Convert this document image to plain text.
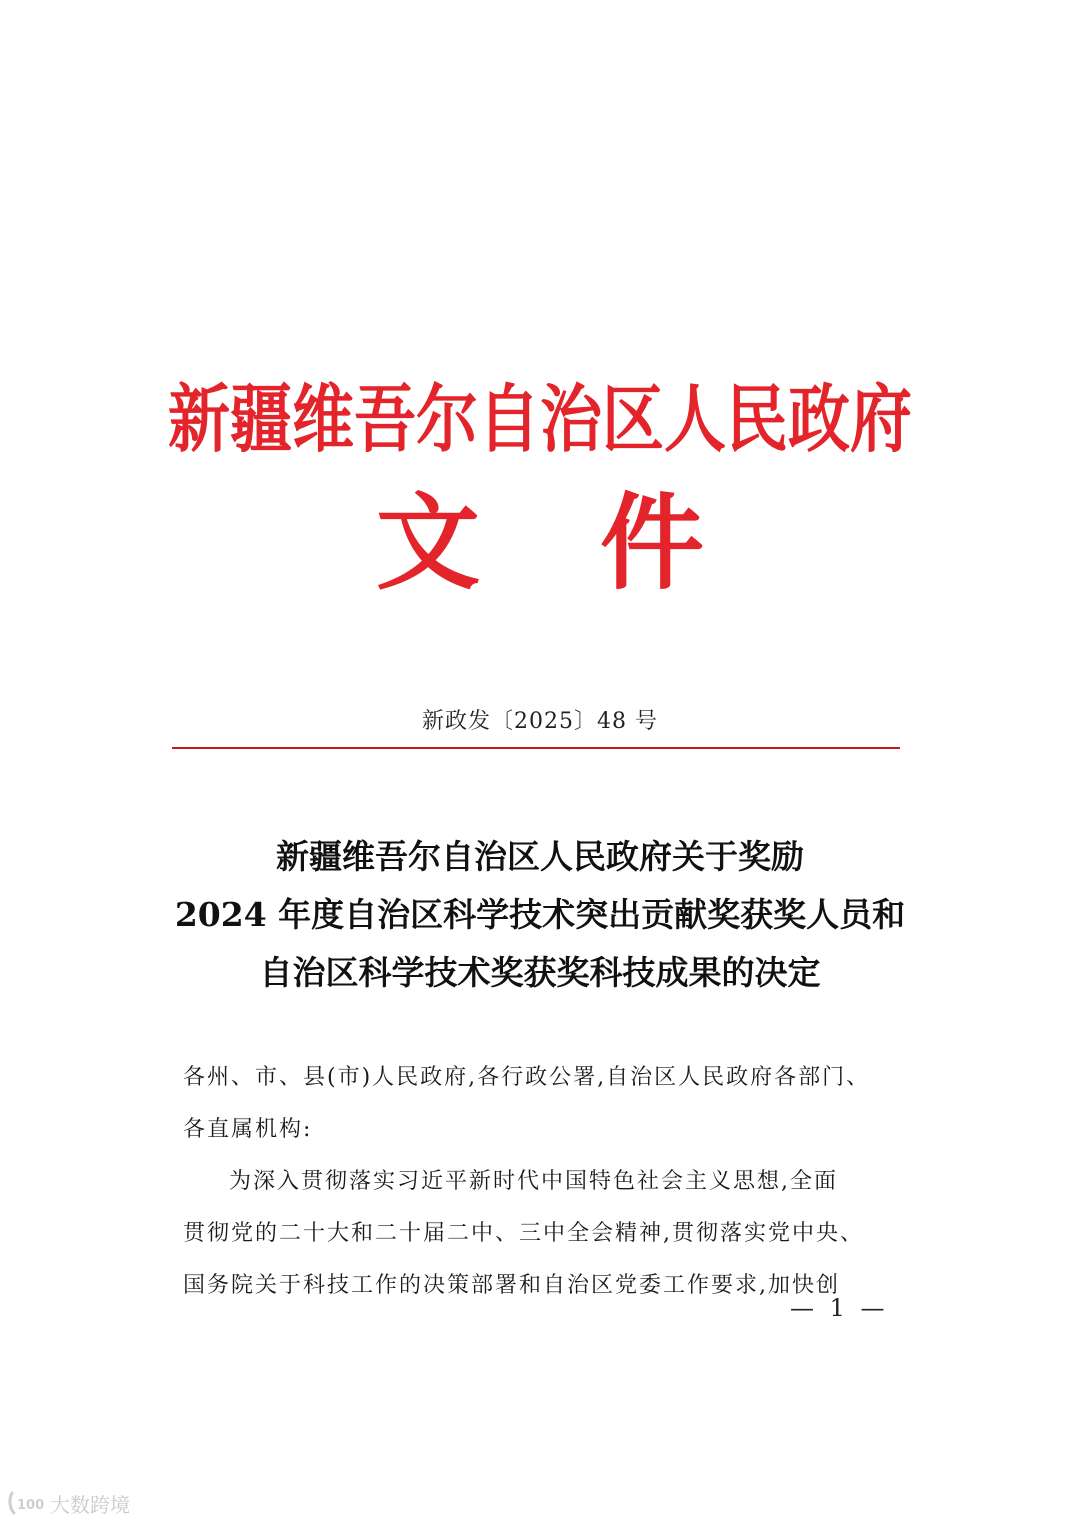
新疆维吾尔自治区人民政府
文 件
新政发〔2025〕48 号
新疆维吾尔自治区人民政府关于奖励
2024 年度自治区科学技术突出贡献奖获奖人员和
自治区科学技术奖获奖科技成果的决定
各州、市、县(市)人民政府,各行政公署,自治区人民政府各部门、
各直属机构:
为深入贯彻落实习近平新时代中国特色社会主义思想,全面
贯彻党的二十大和二十届二中、三中全会精神,贯彻落实党中央、
国务院关于科技工作的决策部署和自治区党委工作要求,加快创
— 1 —
100 大数跨境
